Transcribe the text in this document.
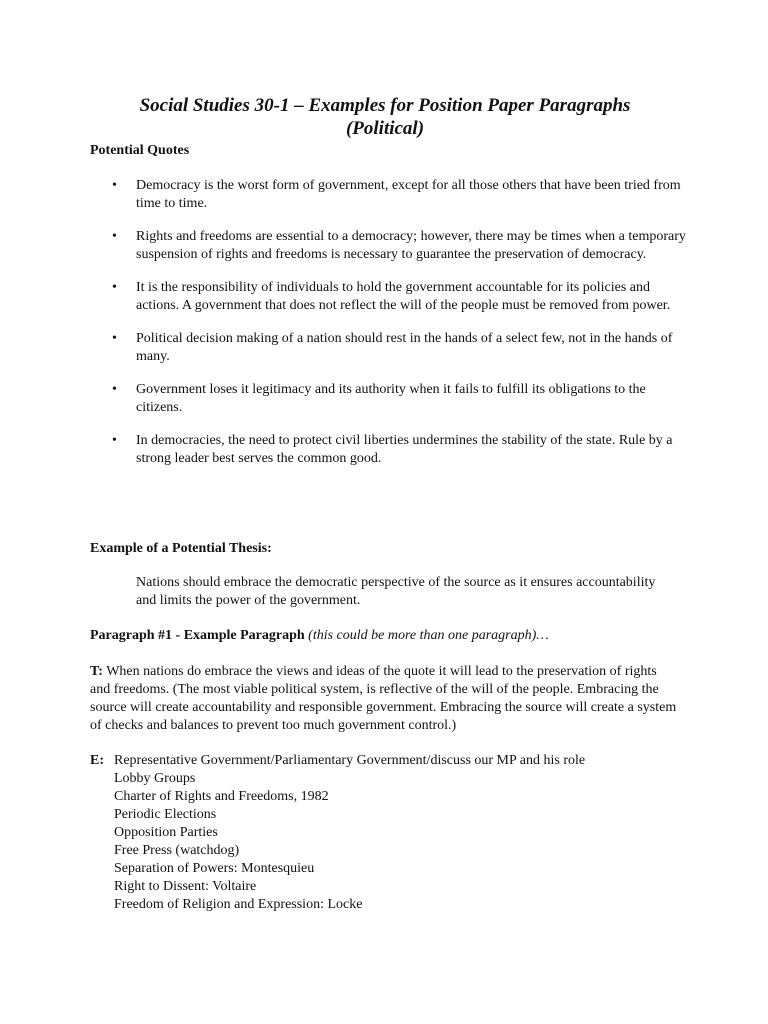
Social Studies 30-1 – Examples for Position Paper Paragraphs
(Political)

Potential Quotes

• Democracy is the worst form of government, except for all those others that have been tried from time to time.
• Rights and freedoms are essential to a democracy; however, there may be times when a temporary suspension of rights and freedoms is necessary to guarantee the preservation of democracy.
• It is the responsibility of individuals to hold the government accountable for its policies and actions. A government that does not reflect the will of the people must be removed from power.
• Political decision making of a nation should rest in the hands of a select few, not in the hands of many.
• Government loses it legitimacy and its authority when it fails to fulfill its obligations to the citizens.
• In democracies, the need to protect civil liberties undermines the stability of the state. Rule by a strong leader best serves the common good.

Example of a Potential Thesis:

Nations should embrace the democratic perspective of the source as it ensures accountability and limits the power of the government.

Paragraph #1 - Example Paragraph (this could be more than one paragraph)…

T: When nations do embrace the views and ideas of the quote it will lead to the preservation of rights and freedoms. (The most viable political system, is reflective of the will of the people. Embracing the source will create accountability and responsible government. Embracing the source will create a system of checks and balances to prevent too much government control.)

E: Representative Government/Parliamentary Government/discuss our MP and his role
Lobby Groups
Charter of Rights and Freedoms, 1982
Periodic Elections
Opposition Parties
Free Press (watchdog)
Separation of Powers: Montesquieu
Right to Dissent: Voltaire
Freedom of Religion and Expression: Locke
